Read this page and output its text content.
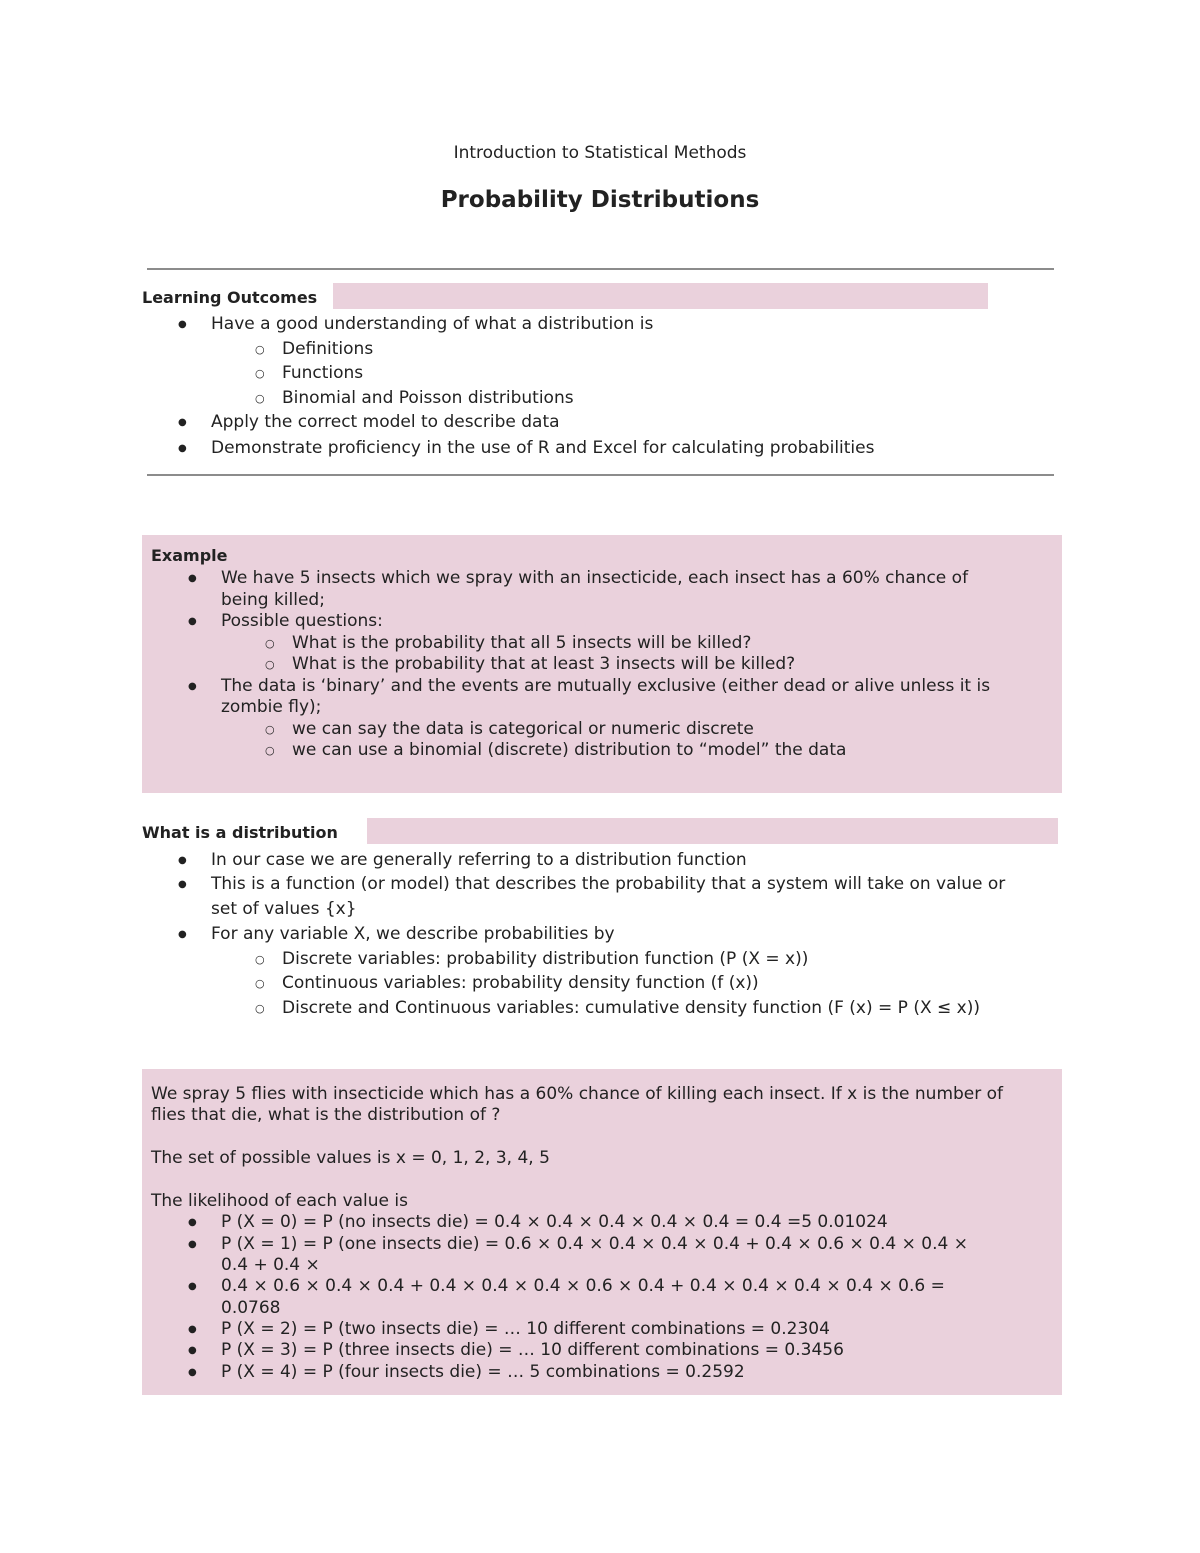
Introduction to Statistical Methods
Probability Distributions
Learning Outcomes
● Have a good understanding of what a distribution is
○ Definitions
○ Functions
○ Binomial and Poisson distributions
● Apply the correct model to describe data
● Demonstrate proficiency in the use of R and Excel for calculating probabilities
Example
● We have 5 insects which we spray with an insecticide, each insect has a 60% chance of
being killed;
● Possible questions:
○ What is the probability that all 5 insects will be killed?
○ What is the probability that at least 3 insects will be killed?
● The data is ‘binary’ and the events are mutually exclusive (either dead or alive unless it is
zombie fly);
○ we can say the data is categorical or numeric discrete
○ we can use a binomial (discrete) distribution to “model” the data
What is a distribution
● In our case we are generally referring to a distribution function
● This is a function (or model) that describes the probability that a system will take on value or
set of values {x}
● For any variable X, we describe probabilities by
○ Discrete variables: probability distribution function (P (X = x))
○ Continuous variables: probability density function (f (x))
○ Discrete and Continuous variables: cumulative density function (F (x) = P (X ≤ x))
We spray 5 flies with insecticide which has a 60% chance of killing each insect. If x is the number of
flies that die, what is the distribution of ?
The set of possible values is x = 0, 1, 2, 3, 4, 5
The likelihood of each value is
● P (X = 0) = P (no insects die) = 0.4 × 0.4 × 0.4 × 0.4 × 0.4 = 0.4 =5 0.01024
● P (X = 1) = P (one insects die) = 0.6 × 0.4 × 0.4 × 0.4 × 0.4 + 0.4 × 0.6 × 0.4 × 0.4 ×
0.4 + 0.4 ×
● 0.4 × 0.6 × 0.4 × 0.4 + 0.4 × 0.4 × 0.4 × 0.6 × 0.4 + 0.4 × 0.4 × 0.4 × 0.4 × 0.6 =
0.0768
● P (X = 2) = P (two insects die) = … 10 different combinations = 0.2304
● P (X = 3) = P (three insects die) = … 10 different combinations = 0.3456
● P (X = 4) = P (four insects die) = … 5 combinations = 0.2592
